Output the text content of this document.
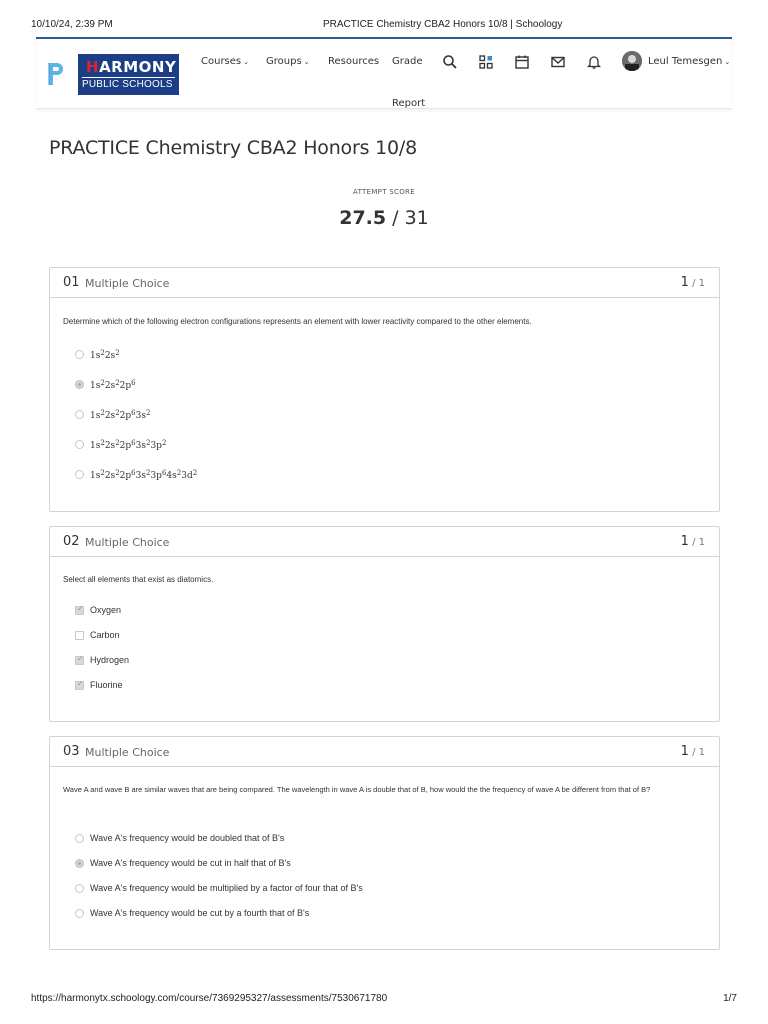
10/10/24, 2:39 PM	PRACTICE Chemistry CBA2 Honors 10/8 | Schoology
HARMONY
PUBLIC SCHOOLS
Courses ⌄ Groups ⌄ Resources Grade
Report
Leul Temesgen ⌄
PRACTICE Chemistry CBA2 Honors 10/8
ATTEMPT SCORE
27.5 / 31
01 Multiple Choice	1 / 1
Determine which of the following electron configurations represents an element with lower reactivity compared to the other elements.
$1s^22s^2$
$1s^22s^22p^6$
$1s^22s^22p^63s^2$
$1s^22s^22p^63s^23p^2$
$1s^22s^22p^63s^23p^64s^23d^2$
02 Multiple Choice	1 / 1
Select all elements that exist as diatomics.
✓
Oxygen
Carbon
✓
Hydrogen
✓
Fluorine
03 Multiple Choice	1 / 1
Wave A and wave B are similar waves that are being compared. The wavelength in wave A is double that of B, how would the the frequency of wave A be different from that of B?
Wave A's frequency would be doubled that of B's
Wave A's frequency would be cut in half that of B's
Wave A's frequency would be multiplied by a factor of four that of B's
Wave A's frequency would be cut by a fourth that of B's
https://harmonytx.schoology.com/course/7369295327/assessments/7530671780	1/7
